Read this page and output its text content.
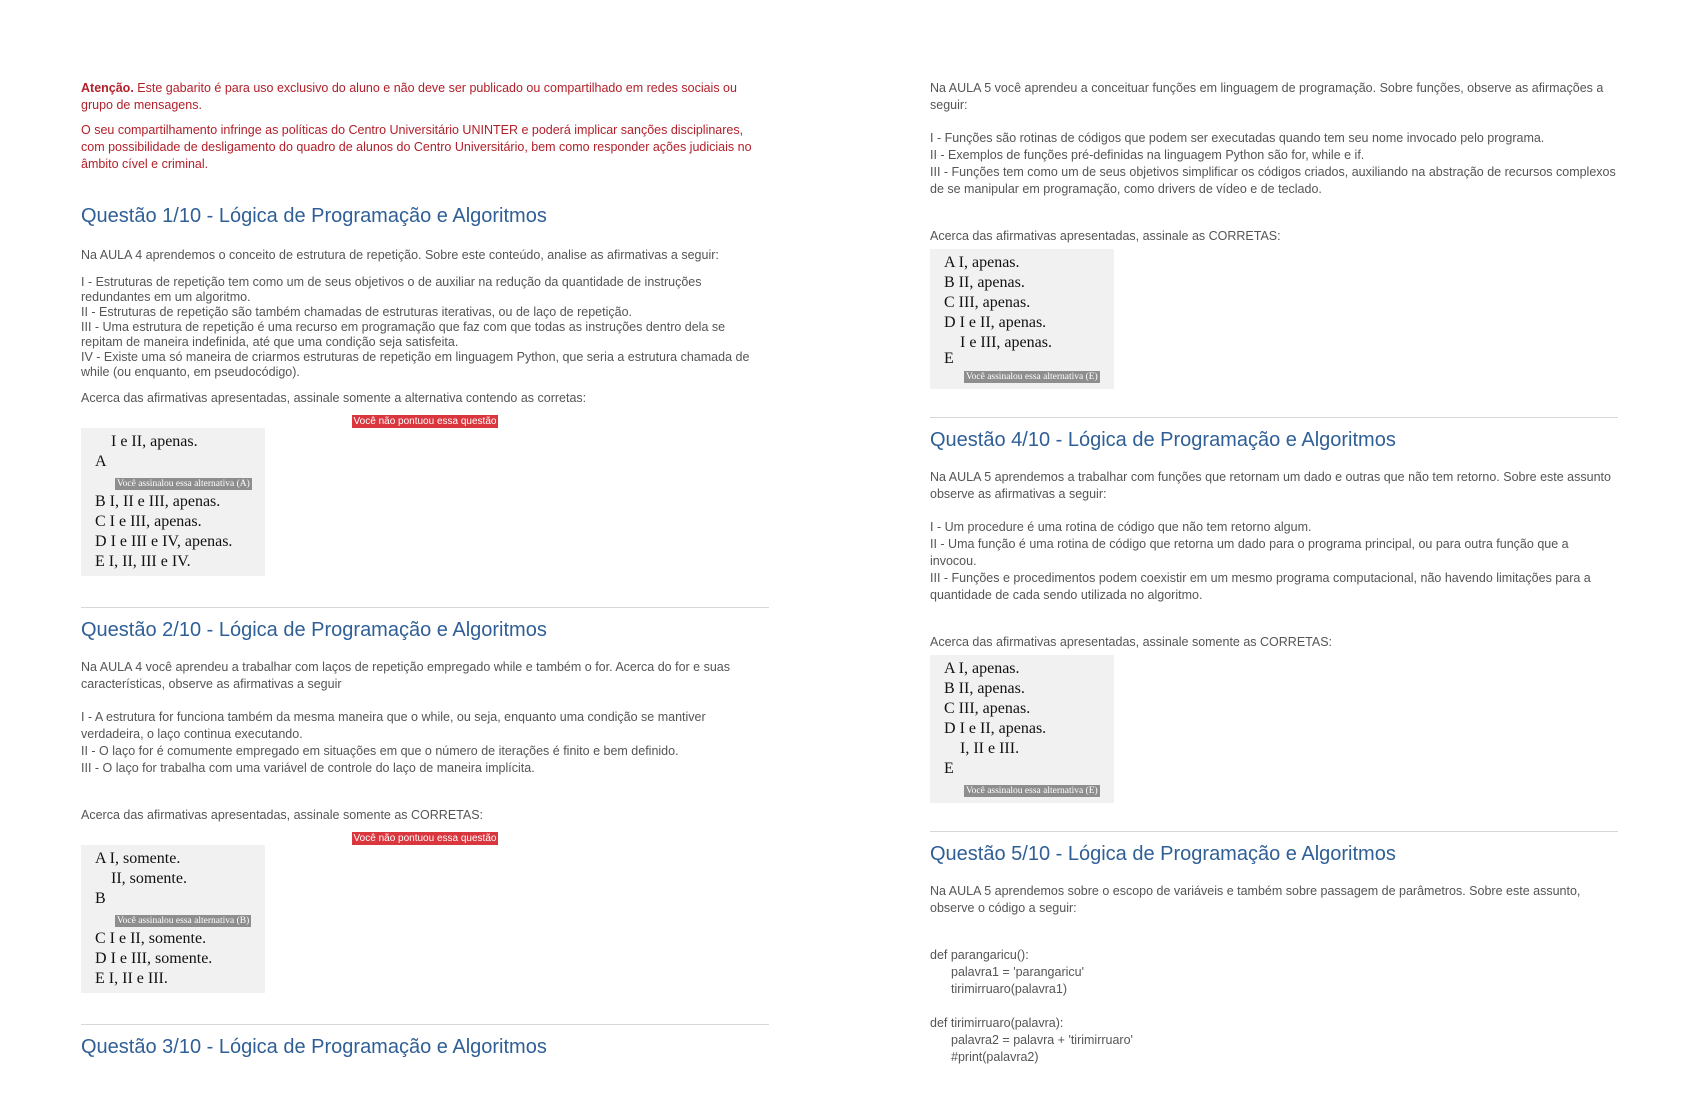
Atenção. Este gabarito é para uso exclusivo do aluno e não deve ser publicado ou compartilhado em redes sociais ou grupo de mensagens.

O seu compartilhamento infringe as políticas do Centro Universitário UNINTER e poderá implicar sanções disciplinares, com possibilidade de desligamento do quadro de alunos do Centro Universitário, bem como responder ações judiciais no âmbito cível e criminal.

Questão 1/10 - Lógica de Programação e Algoritmos

Na AULA 4 aprendemos o conceito de estrutura de repetição. Sobre este conteúdo, analise as afirmativas a seguir:

I - Estruturas de repetição tem como um de seus objetivos o de auxiliar na redução da quantidade de instruções redundantes em um algoritmo.
II - Estruturas de repetição são também chamadas de estruturas iterativas, ou de laço de repetição.
III - Uma estrutura de repetição é uma recurso em programação que faz com que todas as instruções dentro dela se repitam de maneira indefinida, até que uma condição seja satisfeita.
IV - Existe uma só maneira de criarmos estruturas de repetição em linguagem Python, que seria a estrutura chamada de while (ou enquanto, em pseudocódigo).

Acerca das afirmativas apresentadas, assinale somente a alternativa contendo as corretas:

Você não pontuou essa questão
I e II, apenas.
A
Você assinalou essa alternativa (A)
B I, II e III, apenas.
C I e III, apenas.
D I e III e IV, apenas.
E I, II, III e IV.
Questão 2/10 - Lógica de Programação e Algoritmos

Na AULA 4 você aprendeu a trabalhar com laços de repetição empregado while e também o for. Acerca do for e suas características, observe as afirmativas a seguir

I - A estrutura for funciona também da mesma maneira que o while, ou seja, enquanto uma condição se mantiver verdadeira, o laço continua executando.
II - O laço for é comumente empregado em situações em que o número de iterações é finito e bem definido.
III - O laço for trabalha com uma variável de controle do laço de maneira implícita.

Acerca das afirmativas apresentadas, assinale somente as CORRETAS:

Você não pontuou essa questão
A I, somente.
II, somente.
B
Você assinalou essa alternativa (B)
C I e II, somente.
D I e III, somente.
E I, II e III.
Questão 3/10 - Lógica de Programação e Algoritmos

Na AULA 5 você aprendeu a conceituar funções em linguagem de programação. Sobre funções, observe as afirmações a seguir:

I - Funções são rotinas de códigos que podem ser executadas quando tem seu nome invocado pelo programa.
II - Exemplos de funções pré-definidas na linguagem Python são for, while e if.
III - Funções tem como um de seus objetivos simplificar os códigos criados, auxiliando na abstração de recursos complexos de se manipular em programação, como drivers de vídeo e de teclado.

Acerca das afirmativas apresentadas, assinale as CORRETAS:

A I, apenas.
B II, apenas.
C III, apenas.
D I e II, apenas.
I e III, apenas.
E
Você assinalou essa alternativa (E)
Questão 4/10 - Lógica de Programação e Algoritmos

Na AULA 5 aprendemos a trabalhar com funções que retornam um dado e outras que não tem retorno. Sobre este assunto observe as afirmativas a seguir:

I - Um procedure é uma rotina de código que não tem retorno algum.
II - Uma função é uma rotina de código que retorna um dado para o programa principal, ou para outra função que a invocou.
III - Funções e procedimentos podem coexistir em um mesmo programa computacional, não havendo limitações para a quantidade de cada sendo utilizada no algoritmo.

Acerca das afirmativas apresentadas, assinale somente as CORRETAS:

A I, apenas.
B II, apenas.
C III, apenas.
D I e II, apenas.
I, II e III.
E
Você assinalou essa alternativa (E)
Questão 5/10 - Lógica de Programação e Algoritmos

Na AULA 5 aprendemos sobre o escopo de variáveis e também sobre passagem de parâmetros. Sobre este assunto, observe o código a seguir:

def parangaricu():
palavra1 = 'parangaricu'
tirimirruaro(palavra1)
def tirimirruaro(palavra):
palavra2 = palavra + 'tirimirruaro'
#print(palavra2)
